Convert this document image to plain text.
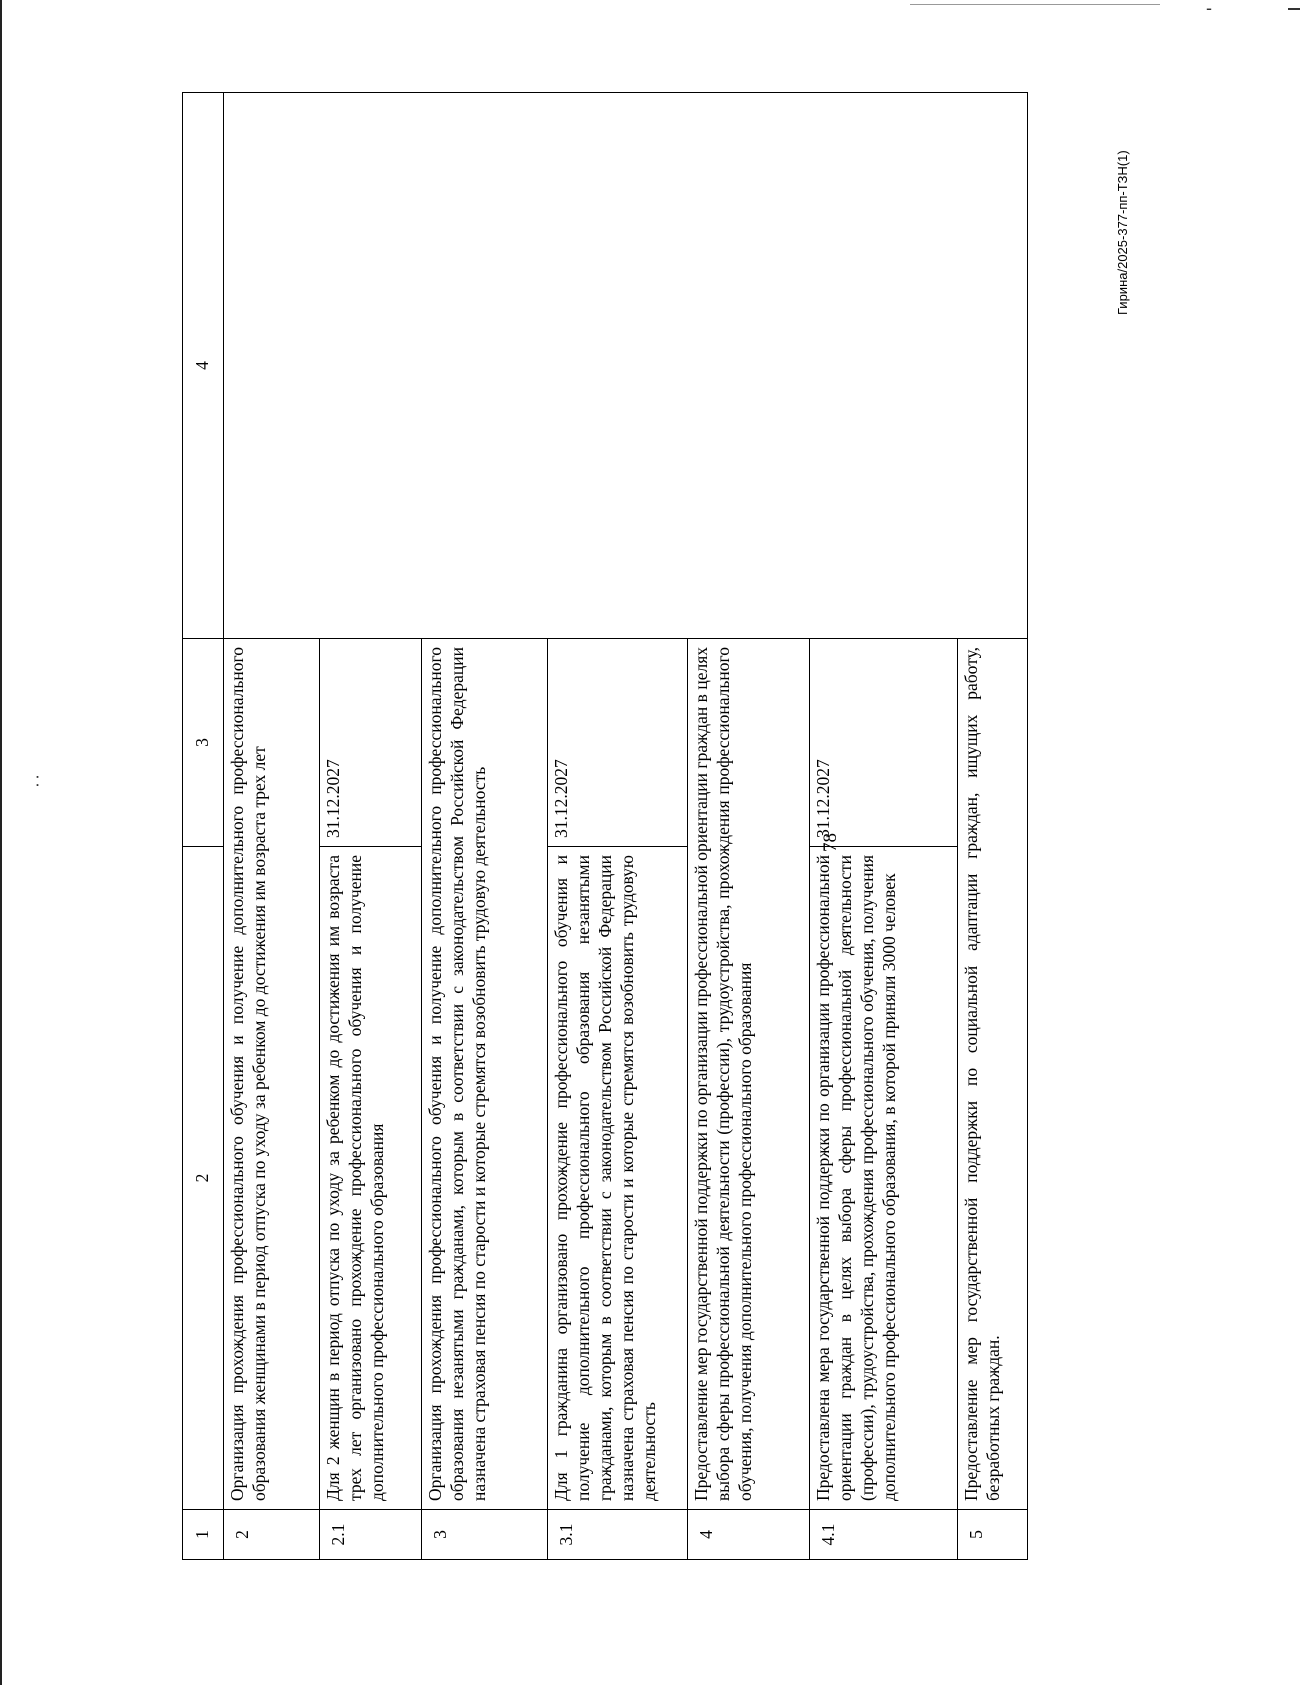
-
:
78
1	2	3	4
2	Организация прохождения профессионального обучения и получение дополнительного профессионального образования женщинами в период отпуска по уходу за ребенком до достижения им возраста трех лет		
2.1	Для 2 женщин в период отпуска по уходу за ребенком до достижения им возраста трех лет организовано прохождение профессионального обучения и получение дополнительного профессионального образования	31.12.2027	
3	Организация прохождения профессионального обучения и получение дополнительного профессионального образования незанятыми гражданами, которым в соответствии с законодательством Российской Федерации назначена страховая пенсия по старости и которые стремятся возобновить трудовую деятельность		
3.1	Для 1 гражданина организовано прохождение профессионального обучения и получение дополнительного профессионального образования незанятыми гражданами, которым в соответствии с законодательством Российской Федерации назначена страховая пенсия по старости и которые стремятся возобновить трудовую деятельность	31.12.2027	
4	Предоставление мер государственной поддержки по организации профессиональной ориентации граждан в целях выбора сферы профессиональной деятельности (профессии), трудоустройства, прохождения профессионального обучения, получения дополнительного профессионального образования		
4.1	Предоставлена мера государственной поддержки по организации профессиональной ориентации граждан в целях выбора сферы профессиональной деятельности (профессии), трудоустройства, прохождения профессионального обучения, получения дополнительного профессионального образования, в которой приняли 3000 человек	31.12.2027	
5	Предоставление мер государственной поддержки по социальной адаптации граждан, ищущих работу, безработных граждан.		
Гирина/2025-377-пп-ТЗН(1)
